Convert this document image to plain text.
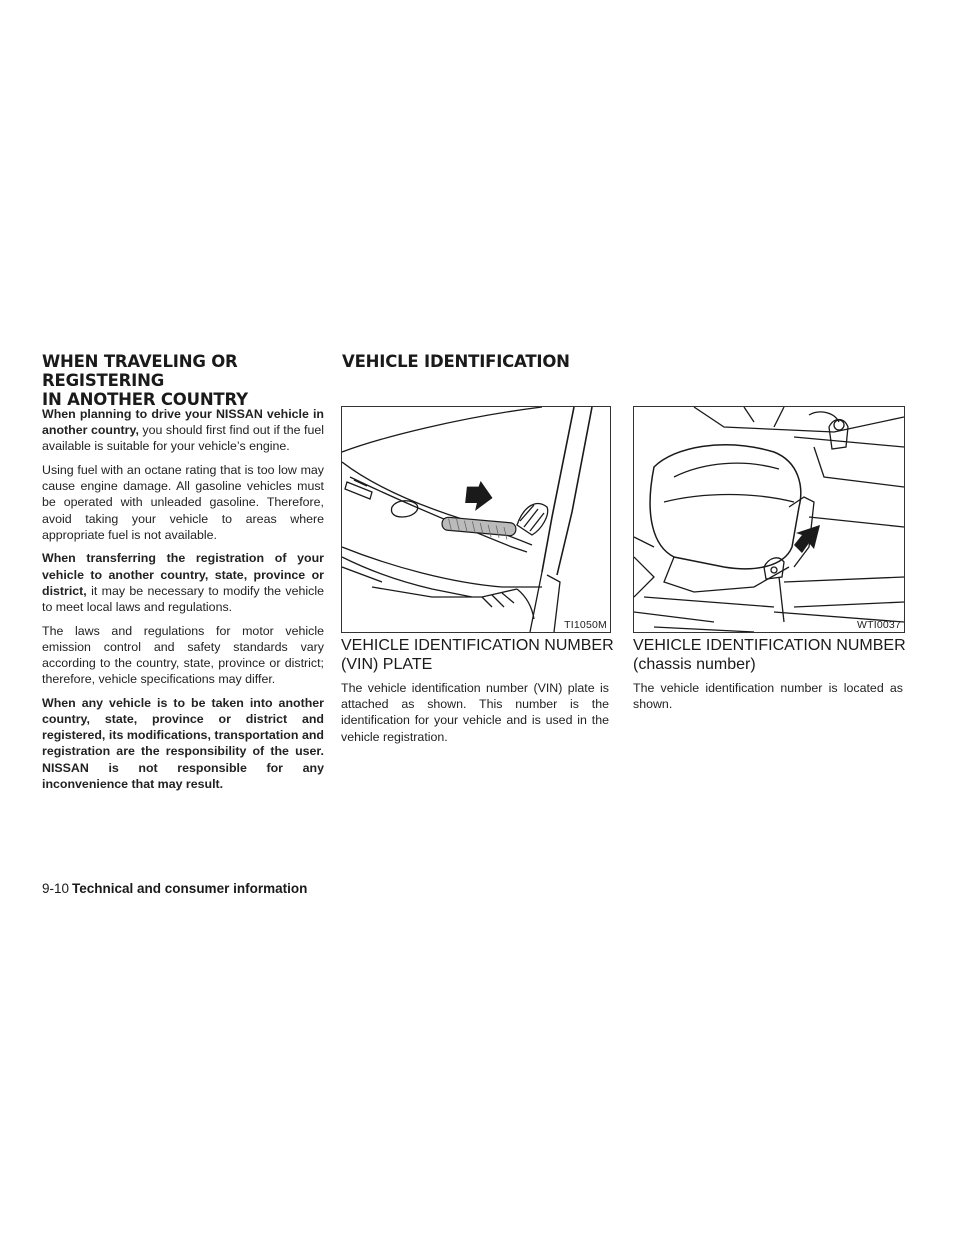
WHEN TRAVELING OR REGISTERING
IN ANOTHER COUNTRY
VEHICLE IDENTIFICATION

When planning to drive your NISSAN vehicle in another country, you should first find out if the fuel available is suitable for your vehicle’s engine.

Using fuel with an octane rating that is too low may cause engine damage. All gasoline vehicles must be operated with unleaded gasoline. Therefore, avoid taking your vehicle to areas where appropriate fuel is not available.

When transferring the registration of your vehicle to another country, state, province or district, it may be necessary to modify the vehicle to meet local laws and regulations.

The laws and regulations for motor vehicle emission control and safety standards vary according to the country, state, province or district; therefore, vehicle specifications may differ.

When any vehicle is to be taken into another country, state, province or district and registered, its modifications, transportation and registration are the responsibility of the user. NISSAN is not responsible for any inconvenience that may result.

TI1050M	WTI0037
VEHICLE IDENTIFICATION NUMBER
(VIN) PLATE
VEHICLE IDENTIFICATION NUMBER
(chassis number)

The vehicle identification number (VIN) plate is attached as shown. This number is the identification for your vehicle and is used in the vehicle registration.

The vehicle identification number is located as shown.

9-10 Technical and consumer information
